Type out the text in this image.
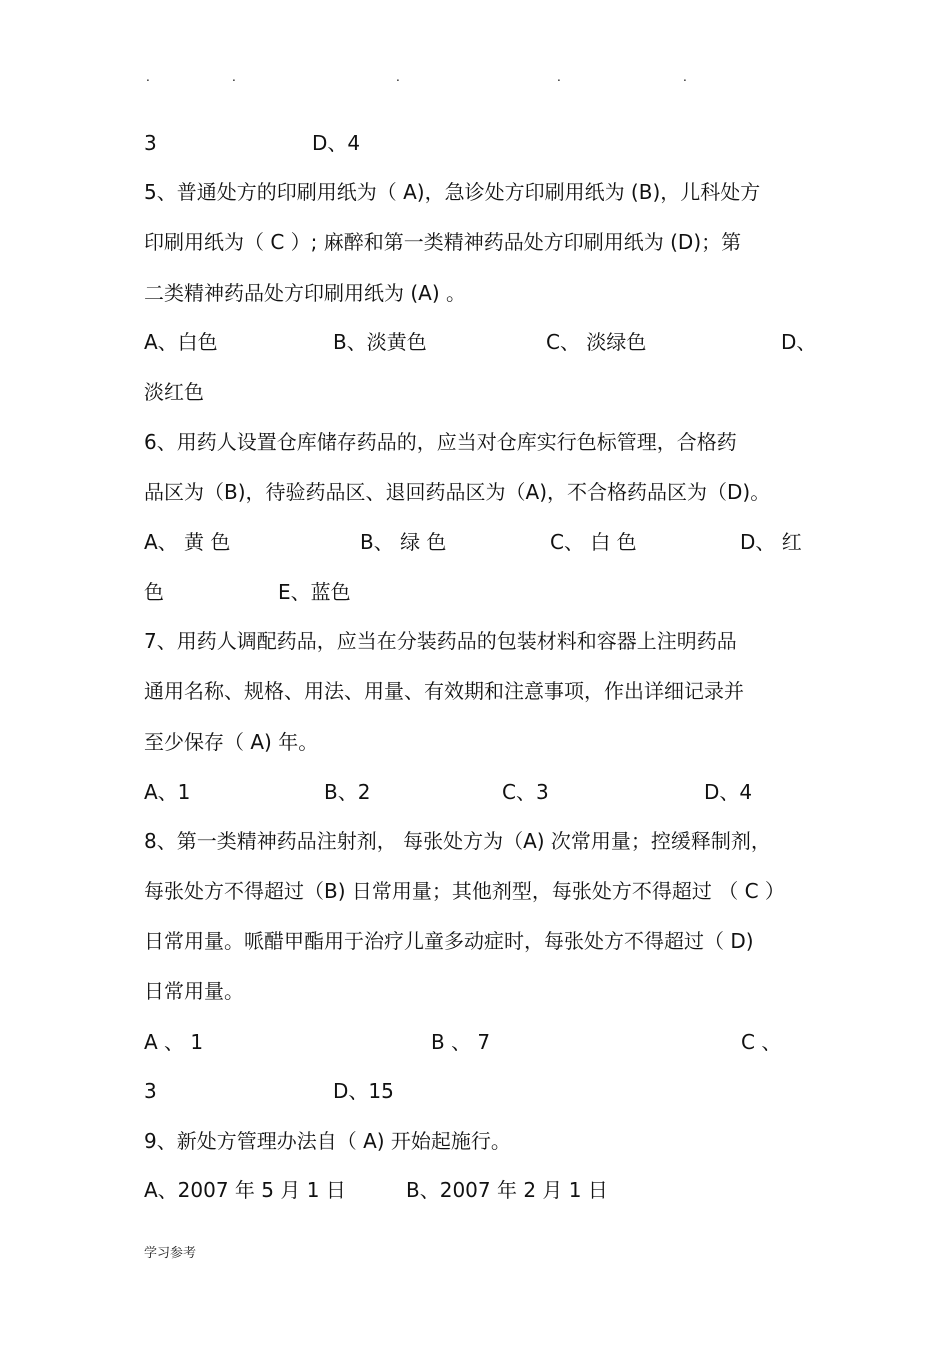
.	.	.	.	.
3	D、4
5、普通处方的印刷用纸为（ A)，急诊处方印刷用纸为 (B)，儿科处方
印刷用纸为（ C ）; 麻醉和第一类精神药品处方印刷用纸为 (D)；第
二类精神药品处方印刷用纸为 (A) 。
A、白色	B、淡黄色	C、 淡绿色	D、
淡红色
6、用药人设置仓库储存药品的，应当对仓库实行色标管理，合格药
品区为（B)，待验药品区、退回药品区为（A)，不合格药品区为（D)。
A、 黄 色	B、 绿 色	C、 白 色	D、 红
色	E、蓝色
7、用药人调配药品，应当在分装药品的包装材料和容器上注明药品
通用名称、规格、用法、用量、有效期和注意事项，作出详细记录并
至少保存（ A) 年。
A、1	B、2	C、3	D、4
8、第一类精神药品注射剂， 每张处方为（A) 次常用量；控缓释制剂，
每张处方不得超过（B) 日常用量；其他剂型，每张处方不得超过 （ C ）
日常用量。哌醋甲酯用于治疗儿童多动症时，每张处方不得超过（ D)
日常用量。
A 、 1	B 、 7	C 、
3	D、15
9、新处方管理办法自（ A) 开始起施行。
A、2007 年 5 月 1 日	B、2007 年 2 月 1 日
学习参考
